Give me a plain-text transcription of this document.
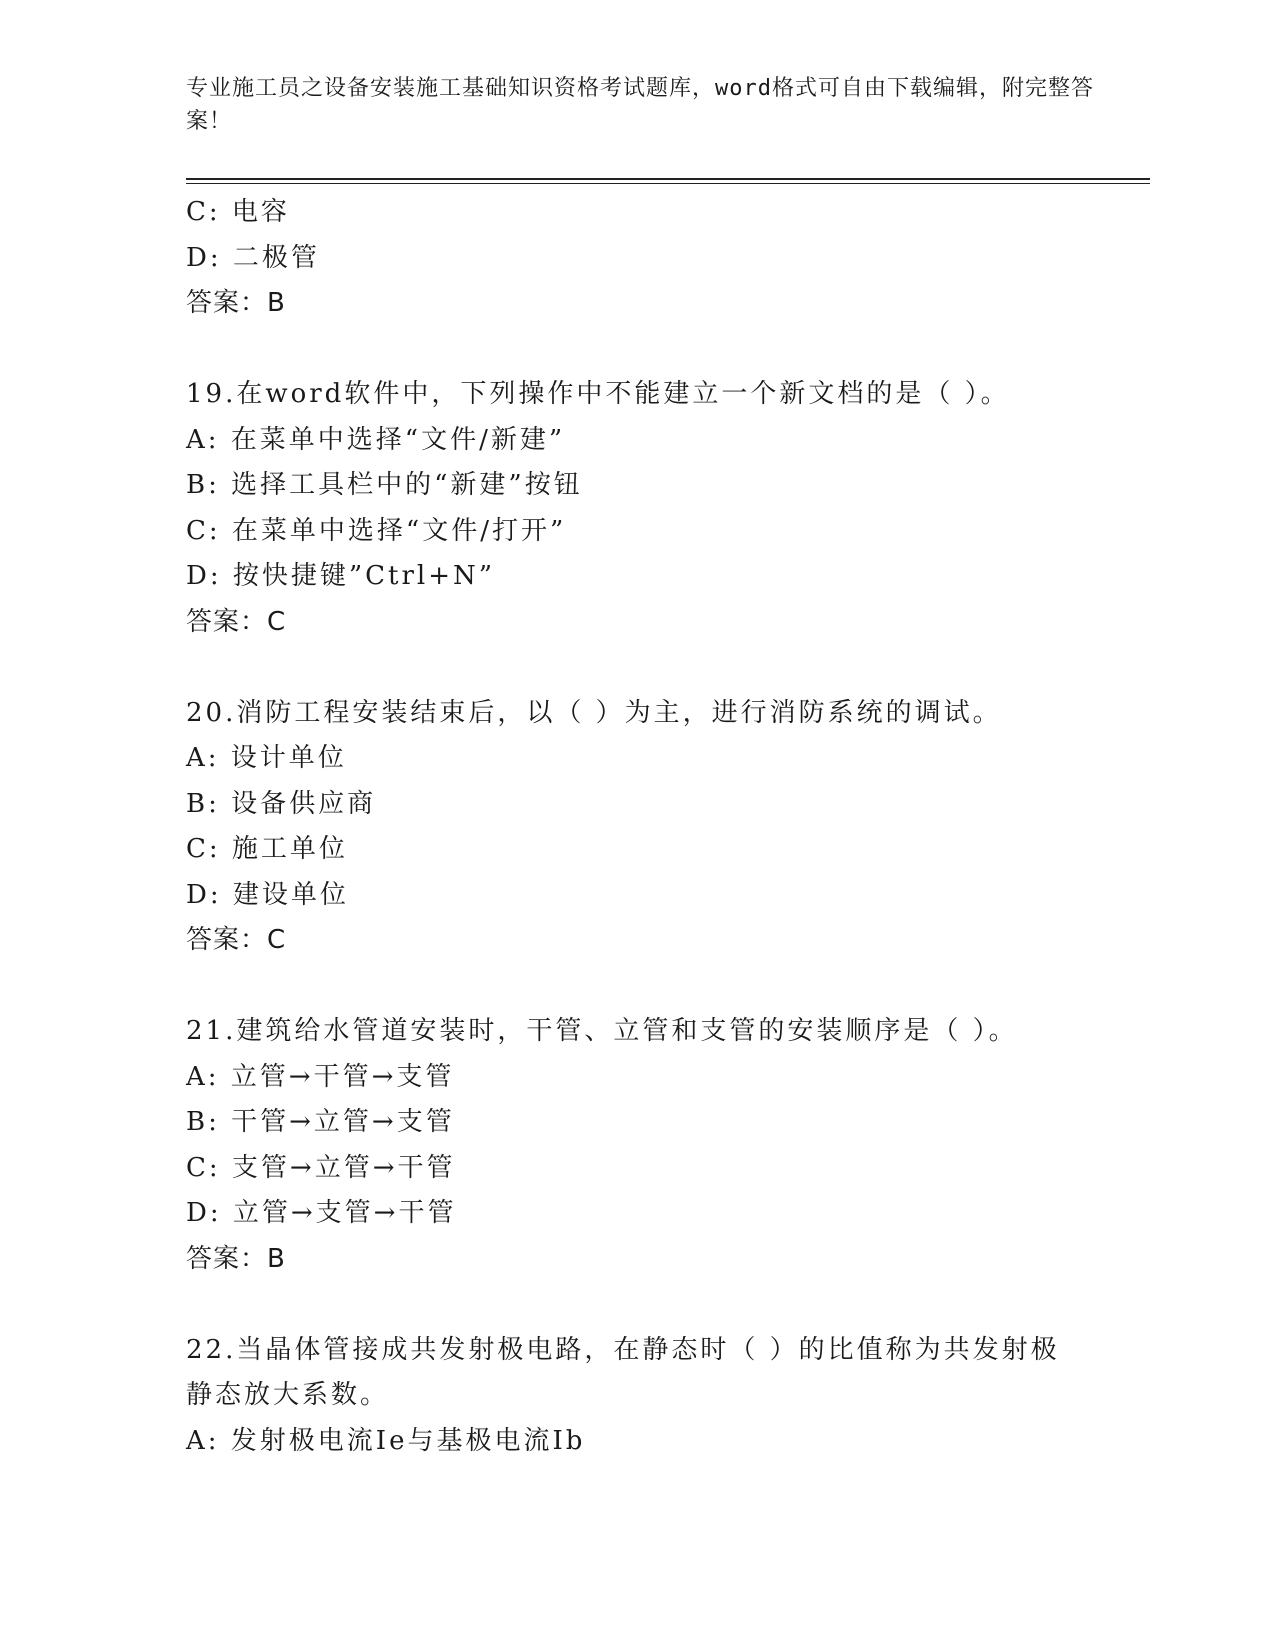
专业施工员之设备安装施工基础知识资格考试题库，word格式可自由下载编辑，附完整答案！
C: 电容
D: 二极管
答案：B
19.在word软件中，下列操作中不能建立一个新文档的是（ ）。
A: 在菜单中选择“文件/新建”
B: 选择工具栏中的“新建”按钮
C: 在菜单中选择“文件/打开”
D: 按快捷键”Ctrl+N”
答案：C
20.消防工程安装结束后，以（ ）为主，进行消防系统的调试。
A: 设计单位
B: 设备供应商
C: 施工单位
D: 建设单位
答案：C
21.建筑给水管道安装时，干管、立管和支管的安装顺序是（ ）。
A: 立管→干管→支管
B: 干管→立管→支管
C: 支管→立管→干管
D: 立管→支管→干管
答案：B
22.当晶体管接成共发射极电路，在静态时（ ）的比值称为共发射极静态放大系数。
A: 发射极电流Ie与基极电流Ib
